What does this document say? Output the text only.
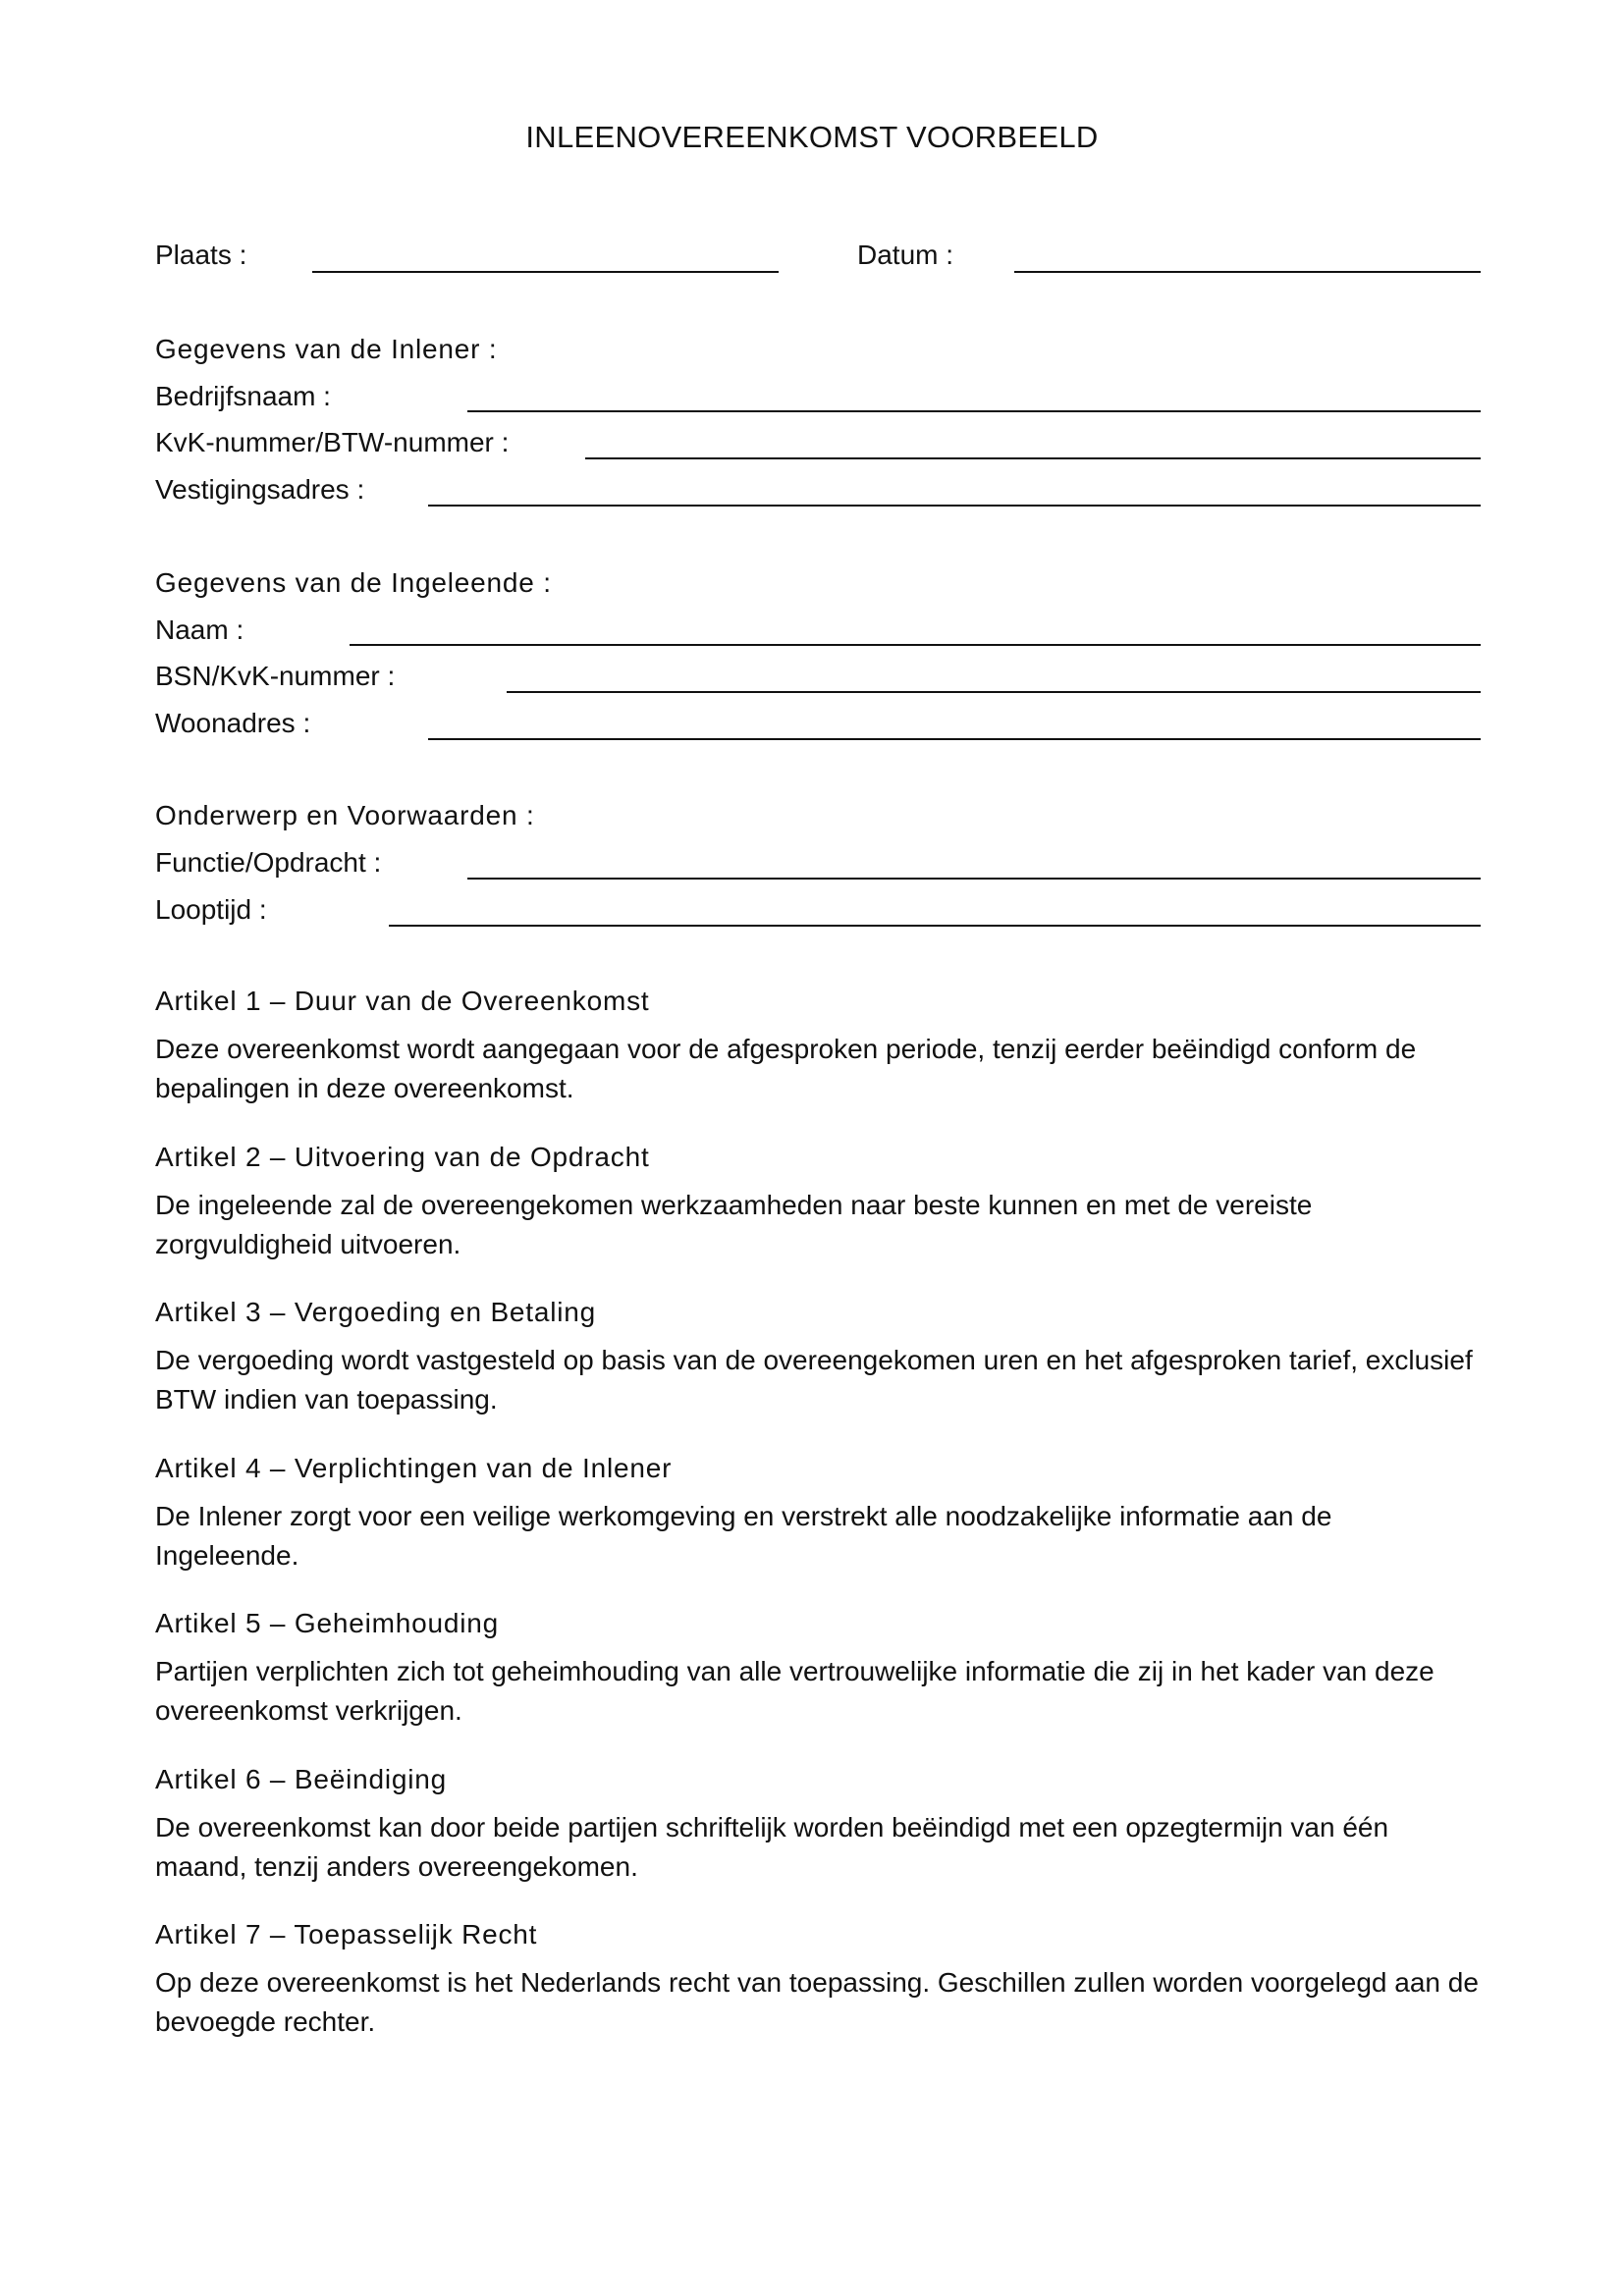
INLEENOVEREENKOMST VOORBEELD
Plaats :	Datum :
Gegevens van de Inlener :
Bedrijfsnaam :
KvK-nummer/BTW-nummer :
Vestigingsadres :
Gegevens van de Ingeleende :
Naam :
BSN/KvK-nummer :
Woonadres :
Onderwerp en Voorwaarden :
Functie/Opdracht :
Looptijd :
Artikel 1 – Duur van de Overeenkomst
Deze overeenkomst wordt aangegaan voor de afgesproken periode, tenzij eerder beëindigd conform de
bepalingen in deze overeenkomst.
Artikel 2 – Uitvoering van de Opdracht
De ingeleende zal de overeengekomen werkzaamheden naar beste kunnen en met de vereiste
zorgvuldigheid uitvoeren.
Artikel 3 – Vergoeding en Betaling
De vergoeding wordt vastgesteld op basis van de overeengekomen uren en het afgesproken tarief, exclusief
BTW indien van toepassing.
Artikel 4 – Verplichtingen van de Inlener
De Inlener zorgt voor een veilige werkomgeving en verstrekt alle noodzakelijke informatie aan de
Ingeleende.
Artikel 5 – Geheimhouding
Partijen verplichten zich tot geheimhouding van alle vertrouwelijke informatie die zij in het kader van deze
overeenkomst verkrijgen.
Artikel 6 – Beëindiging
De overeenkomst kan door beide partijen schriftelijk worden beëindigd met een opzegtermijn van één
maand, tenzij anders overeengekomen.
Artikel 7 – Toepasselijk Recht
Op deze overeenkomst is het Nederlands recht van toepassing. Geschillen zullen worden voorgelegd aan de
bevoegde rechter.
